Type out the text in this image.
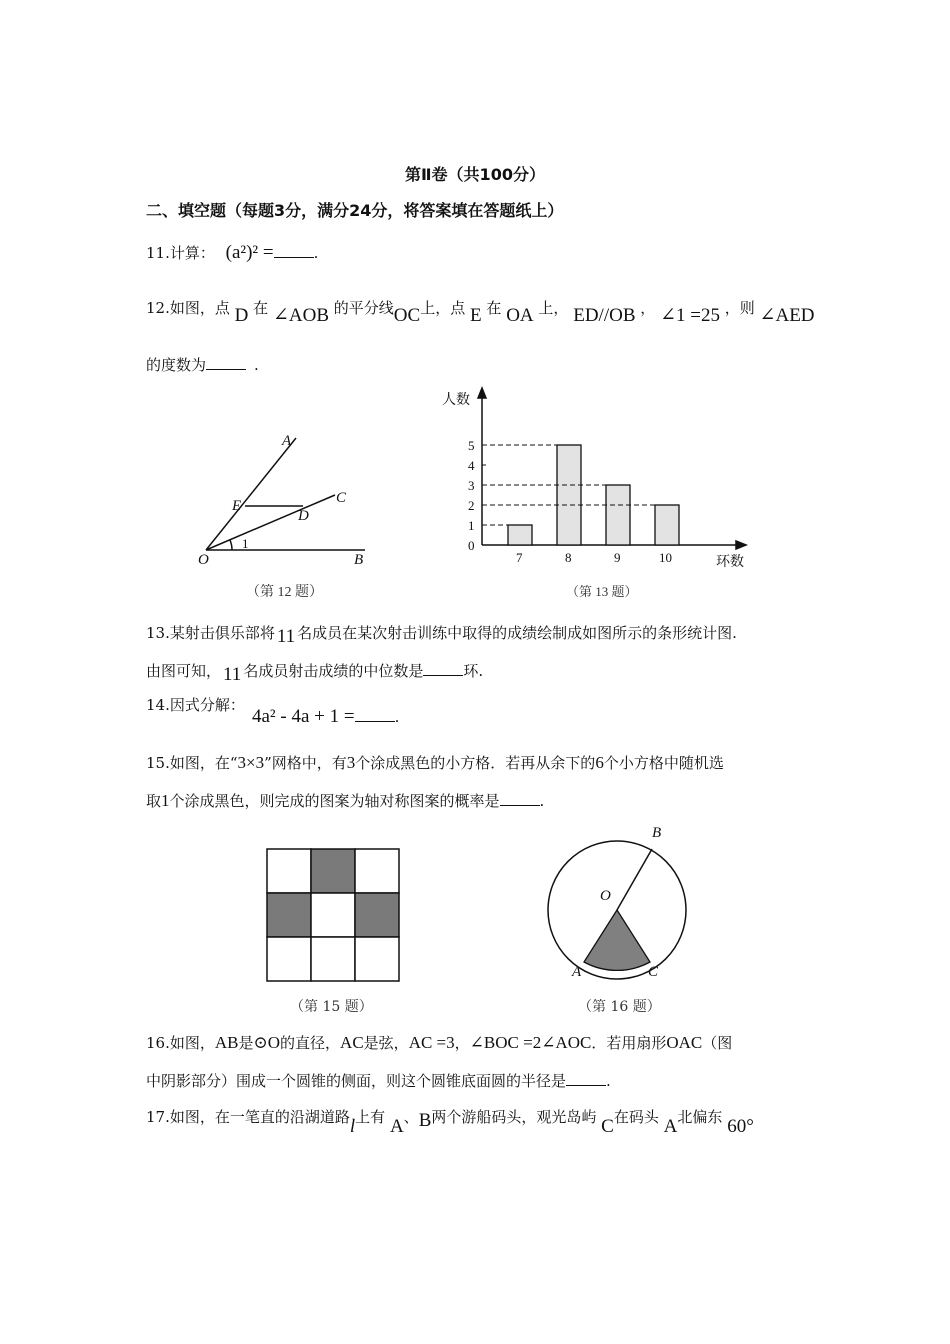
第Ⅱ卷（共100分）
二、填空题（每题3分，满分24分，将答案填在答题纸上）
11.计算： (a²)² =	.
12.如图，点 D 在 ∠AOB 的平分线OC上，点 E 在 OA 上， ED//OB ， ∠1 =25 ，则 ∠AED
的度数为	.
A
E
D
C
O	B
1
（第 12 题）
人数
环数
0
1
2
3
4
5
7	8	9	10
（第 13 题）
13.某射击俱乐部将 11 名成员在某次射击训练中取得的成绩绘制成如图所示的条形统计图.
由图可知， 11 名成员射击成绩的中位数是	环.
14.因式分解：
4a² - 4a + 1 =	.
15.如图，在“3×3”网格中，有3个涂成黑色的小方格．若再从余下的6个小方格中随机选
取1个涂成黑色，则完成的图案为轴对称图案的概率是	.
（第 15 题）
O
B
A	C
（第 16 题）
16.如图，AB是⊙O的直径，AC是弦，AC =3，∠BOC =2∠AOC．若用扇形OAC（图
中阴影部分）围成一个圆锥的侧面，则这个圆锥底面圆的半径是	.
17.如图，在一笔直的沿湖道路l上有 A、B两个游船码头，观光岛屿 C在码头 A北偏东 60°
